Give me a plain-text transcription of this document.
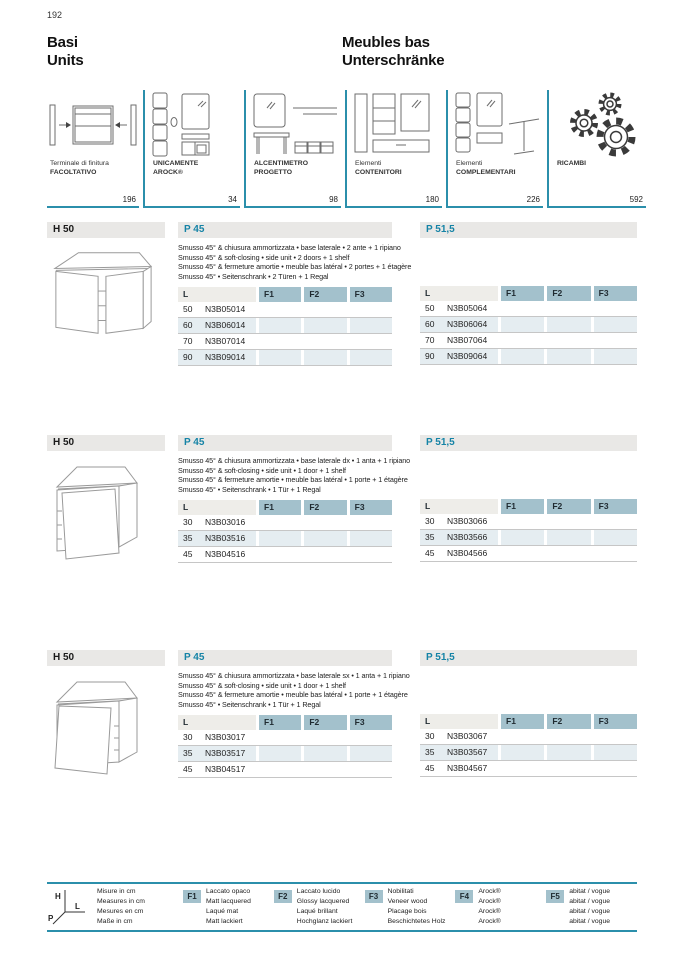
192
Basi
Units
Meubles bas
Unterschränke
Terminale di finitura
FACOLTATIVO
196
UNICAMENTE
AROCK®
34
ALCENTIMETRO
PROGETTO
98
Elementi
CONTENITORI
180
Elementi
COMPLEMENTARI
226
RICAMBI
592
H 50	P 45
Smusso 45° & chiusura ammortizzata • base laterale • 2 ante + 1 ripiano
Smusso 45° & soft-closing • side unit • 2 doors + 1 shelf
Smusso 45° & fermeture amortie • meuble bas latéral • 2 portes + 1 étagère
Smusso 45° • Seitenschrank • 2 Türen + 1 Regal
L	F1	F2	F3
50	N3B05014
60	N3B06014
70	N3B07014
90	N3B09014
P 51,5
L	F1	F2	F3
50	N3B05064
60	N3B06064
70	N3B07064
90	N3B09064
H 50	P 45
Smusso 45° & chiusura ammortizzata • base laterale dx • 1 anta + 1 ripiano
Smusso 45° & soft-closing • side unit • 1 door + 1 shelf
Smusso 45° & fermeture amortie • meuble bas latéral • 1 porte + 1 étagère
Smusso 45° • Seitenschrank • 1 Tür + 1 Regal
L	F1	F2	F3
30	N3B03016
35	N3B03516
45	N3B04516
P 51,5
L	F1	F2	F3
30	N3B03066
35	N3B03566
45	N3B04566
H 50	P 45
Smusso 45° & chiusura ammortizzata • base laterale sx • 1 anta + 1 ripiano
Smusso 45° & soft-closing • side unit • 1 door + 1 shelf
Smusso 45° & fermeture amortie • meuble bas latéral • 1 porte + 1 étagère
Smusso 45° • Seitenschrank • 1 Tür + 1 Regal
L	F1	F2	F3
30	N3B03017
35	N3B03517
45	N3B04517
P 51,5
L	F1	F2	F3
30	N3B03067
35	N3B03567
45	N3B04567
H
L
P
Misure in cm
Measures in cm
Mesures en cm
Maße in cm
F1
Laccato opaco
Matt lacquered
Laqué mat
Matt lackiert
F2
Laccato lucido
Glossy lacquered
Laqué brillant
Hochglanz lackiert
F3
Nobilitati
Veneer wood
Placage bois
Beschichtetes Holz
F4
Arock®
Arock®
Arock®
Arock®
F5
abitat / vogue
abitat / vogue
abitat / vogue
abitat / vogue
